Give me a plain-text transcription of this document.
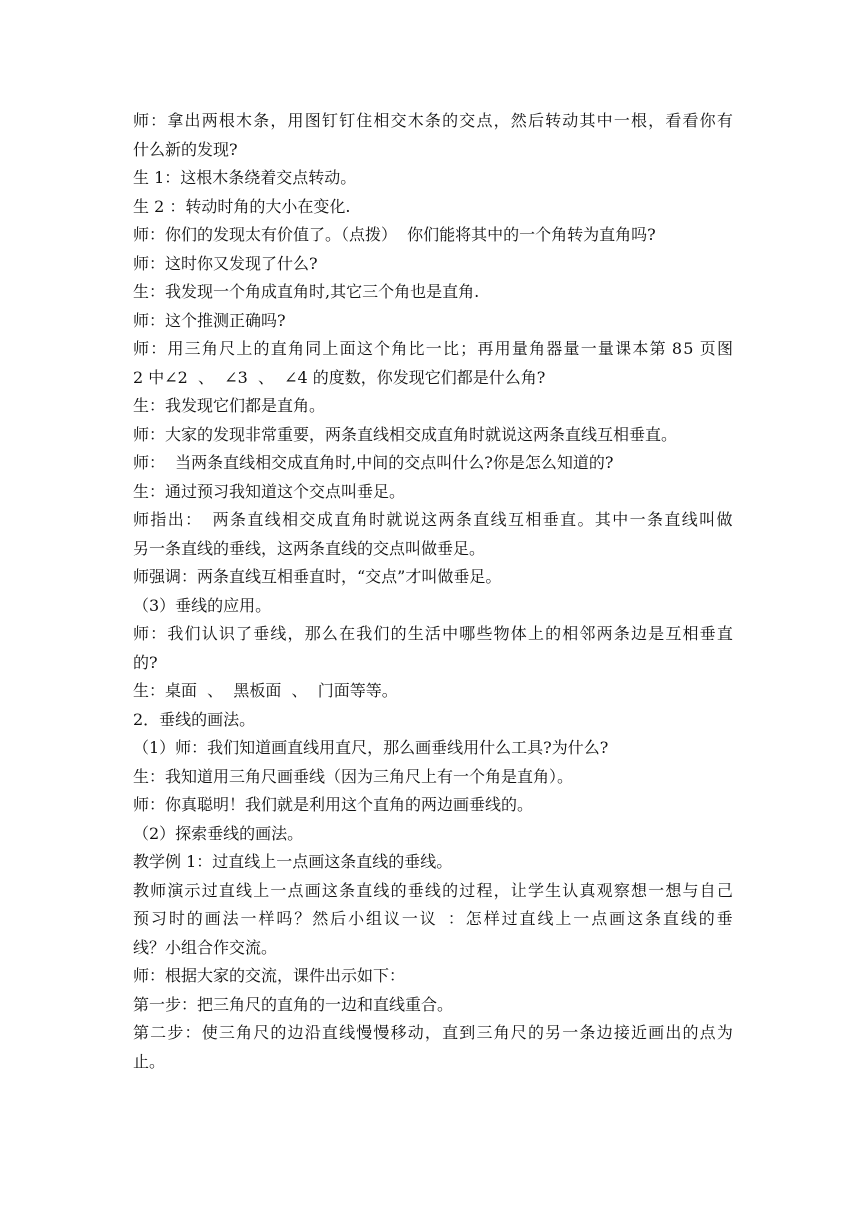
师 ： 拿 出 两 根 木 条 ， 用 图 钉 钉 住 相 交 木 条 的 交 点 ， 然 后 转 动 其 中 一 根 ， 看 看 你 有

什么新的发现?

生 1：这根木条绕着交点转动。

生 2 ：转动时角的大小在变化.

师：你们的发现太有价值了。（点拨）  你们能将其中的一个角转为直角吗?

师：这时你又发现了什么?

生：我发现一个角成直角时,其它三个角也是直角.

师：这个推测正确吗?

师 ： 用 三 角 尺 上 的 直 角 同 上 面 这 个 角 比 一 比 ； 再 用 量 角 器 量 一 量 课 本 第 8 5 页 图

2 中∠2  、  ∠3  、  ∠4 的度数，你发现它们都是什么角?

生：我发现它们都是直角。

师：大家的发现非常重要，两条直线相交成直角时就说这两条直线互相垂直。

师：  当两条直线相交成直角时,中间的交点叫什么?你是怎么知道的?

生：通过预习我知道这个交点叫垂足。

师 指 出 ： 两 条 直 线 相 交 成 直 角 时 就 说 这 两 条 直 线 互 相 垂 直 。 其 中 一 条 直 线 叫 做

另一条直线的垂线，这两条直线的交点叫做垂足。

师强调：两条直线互相垂直时，“交点”才叫做垂足。

（3）垂线的应用。

师 ： 我 们 认 识 了 垂 线 ， 那 么 在 我 们 的 生 活 中 哪 些 物 体 上 的 相 邻 两 条 边 是 互 相 垂 直

的?

生：桌面  、  黑板面  、  门面等等。

2．垂线的画法。

（1）师：我们知道画直线用直尺，那么画垂线用什么工具?为什么?

生：我知道用三角尺画垂线（因为三角尺上有一个角是直角）。

师：你真聪明！我们就是利用这个直角的两边画垂线的。

（2）探索垂线的画法。

教学例 1：过直线上一点画这条直线的垂线。

教 师 演 示 过 直 线 上 一 点 画 这 条 直 线 的 垂 线 的 过 程 ， 让 学 生 认 真 观 察 想 一 想 与 自 己

预 习 时 的 画 法 一 样 吗 ？ 然 后 小 组 议 一 议 ： 怎 样 过 直 线 上 一 点 画 这 条 直 线 的 垂

线？小组合作交流。

师：根据大家的交流，课件出示如下：

第一步：把三角尺的直角的一边和直线重合。

第 二 步 ： 使 三 角 尺 的 边 沿 直 线 慢 慢 移 动 ， 直 到 三 角 尺 的 另 一 条 边 接 近 画 出 的 点 为

止。
